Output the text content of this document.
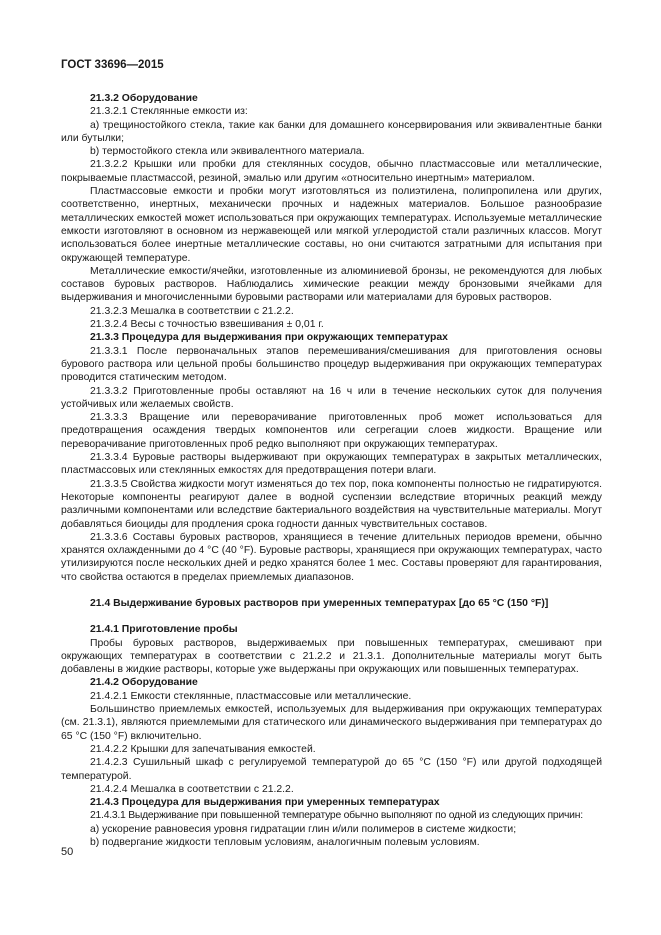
ГОСТ 33696—2015

21.3.2 Оборудование

21.3.2.1 Стеклянные емкости из:

a) трещиностойкого стекла, такие как банки для домашнего консервирования или эквивалентные банки или бутылки;

b) термостойкого стекла или эквивалентного материала.

21.3.2.2 Крышки или пробки для стеклянных сосудов, обычно пластмассовые или металлические, покрываемые пластмассой, резиной, эмалью или другим «относительно инертным» материалом.

Пластмассовые емкости и пробки могут изготовляться из полиэтилена, полипропилена или других, соответственно, инертных, механически прочных и надежных материалов. Большое разнообразие металлических емкостей может использоваться при окружающих температурах. Используемые металлические емкости изготовляют в основном из нержавеющей или мягкой углеродистой стали различных классов. Могут использоваться более инертные металлические составы, но они считаются затратными для испытания при окружающей температуре.

Металлические емкости/ячейки, изготовленные из алюминиевой бронзы, не рекомендуются для любых составов буровых растворов. Наблюдались химические реакции между бронзовыми ячейками для выдерживания и многочисленными буровыми растворами или материалами для буровых растворов.

21.3.2.3 Мешалка в соответствии с 21.2.2.

21.3.2.4 Весы с точностью взвешивания ± 0,01 г.

21.3.3 Процедура для выдерживания при окружающих температурах

21.3.3.1 После первоначальных этапов перемешивания/смешивания для приготовления основы бурового раствора или цельной пробы большинство процедур выдерживания при окружающих температурах проводится статическим методом.

21.3.3.2 Приготовленные пробы оставляют на 16 ч или в течение нескольких суток для получения устойчивых или желаемых свойств.

21.3.3.3 Вращение или переворачивание приготовленных проб может использоваться для предотвращения осаждения твердых компонентов или сегрегации слоев жидкости. Вращение или переворачивание приготовленных проб редко выполняют при окружающих температурах.

21.3.3.4 Буровые растворы выдерживают при окружающих температурах в закрытых металлических, пластмассовых или стеклянных емкостях для предотвращения потери влаги.

21.3.3.5 Свойства жидкости могут изменяться до тех пор, пока компоненты полностью не гидратируются. Некоторые компоненты реагируют далее в водной суспензии вследствие вторичных реакций между различными компонентами или вследствие бактериального воздействия на чувствительные материалы. Могут добавляться биоциды для продления срока годности данных чувствительных составов.

21.3.3.6 Составы буровых растворов, хранящиеся в течение длительных периодов времени, обычно хранятся охлажденными до 4 °С (40 °F). Буровые растворы, хранящиеся при окружающих температурах, часто утилизируются после нескольких дней и редко хранятся более 1 мес. Составы проверяют для гарантирования, что свойства остаются в пределах приемлемых диапазонов.

21.4 Выдерживание буровых растворов при умеренных температурах [до 65 °С (150 °F)]

21.4.1 Приготовление пробы

Пробы буровых растворов, выдерживаемых при повышенных температурах, смешивают при окружающих температурах в соответствии с 21.2.2 и 21.3.1. Дополнительные материалы могут быть добавлены в жидкие растворы, которые уже выдержаны при окружающих или повышенных температурах.

21.4.2 Оборудование

21.4.2.1 Емкости стеклянные, пластмассовые или металлические.

Большинство приемлемых емкостей, используемых для выдерживания при окружающих температурах (см. 21.3.1), являются приемлемыми для статического или динамического выдерживания при температурах до 65 °С (150 °F) включительно.

21.4.2.2 Крышки для запечатывания емкостей.

21.4.2.3 Сушильный шкаф с регулируемой температурой до 65 °С (150 °F) или другой подходящей температурой.

21.4.2.4 Мешалка в соответствии с 21.2.2.

21.4.3 Процедура для выдерживания при умеренных температурах

21.4.3.1 Выдерживание при повышенной температуре обычно выполняют по одной из следующих причин:

a) ускорение равновесия уровня гидратации глин и/или полимеров в системе жидкости;

b) подвергание жидкости тепловым условиям, аналогичным полевым условиям.

50
